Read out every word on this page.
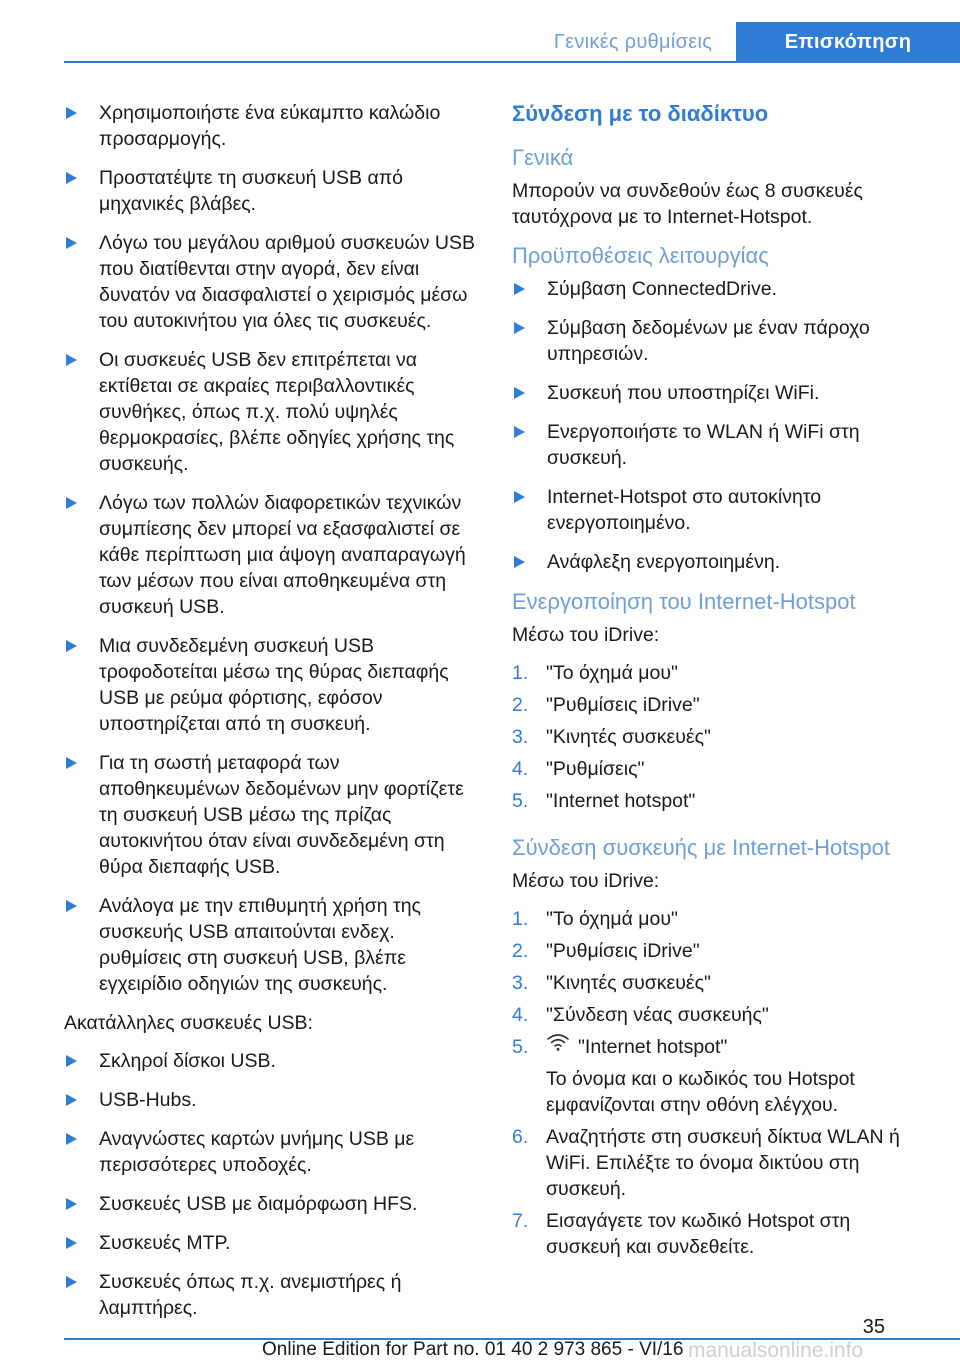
Γενικές ρυθμίσεις	Επισκόπηση
Χρησιμοποιήστε ένα εύκαμπτο καλώδιο προσαρμογής.
Προστατέψτε τη συσκευή USB από μηχανικές βλάβες.
Λόγω του μεγάλου αριθμού συσκευών USB που διατίθενται στην αγορά, δεν είναι δυνατόν να διασφαλιστεί ο χειρισμός μέσω του αυτοκινήτου για όλες τις συσκευές.
Οι συσκευές USB δεν επιτρέπεται να εκτίθεται σε ακραίες περιβαλλοντικές συνθήκες, όπως π.χ. πολύ υψηλές θερμοκρασίες, βλέπε οδηγίες χρήσης της συσκευής.
Λόγω των πολλών διαφορετικών τεχνικών συμπίεσης δεν μπορεί να εξασφαλιστεί σε κάθε περίπτωση μια άψογη αναπαραγωγή των μέσων που είναι αποθηκευμένα στη συσκευή USB.
Μια συνδεδεμένη συσκευή USB τροφοδοτείται μέσω της θύρας διεπαφής USB με ρεύμα φόρτισης, εφόσον υποστηρίζεται από τη συσκευή.
Για τη σωστή μεταφορά των αποθηκευμένων δεδομένων μην φορτίζετε τη συσκευή USB μέσω της πρίζας αυτοκινήτου όταν είναι συνδεδεμένη στη θύρα διεπαφής USB.
Ανάλογα με την επιθυμητή χρήση της συσκευής USB απαιτούνται ενδεχ. ρυθμίσεις στη συσκευή USB, βλέπε εγχειρίδιο οδηγιών της συσκευής.

Ακατάλληλες συσκευές USB:

Σκληροί δίσκοι USB.
USB-Hubs.
Αναγνώστες καρτών μνήμης USB με περισσότερες υποδοχές.
Συσκευές USB με διαμόρφωση HFS.
Συσκευές MTP.
Συσκευές όπως π.χ. ανεμιστήρες ή λαμπτήρες.
Σύνδεση με το διαδίκτυο
Γενικά

Μπορούν να συνδεθούν έως 8 συσκευές ταυτόχρονα με το Internet-Hotspot.

Προϋποθέσεις λειτουργίας
Σύμβαση ConnectedDrive.
Σύμβαση δεδομένων με έναν πάροχο υπηρεσιών.
Συσκευή που υποστηρίζει WiFi.
Ενεργοποιήστε το WLAN ή WiFi στη συσκευή.
Internet-Hotspot στο αυτοκίνητο ενεργοποιημένο.
Ανάφλεξη ενεργοποιημένη.
Ενεργοποίηση του Internet-Hotspot

Μέσω του iDrive:

1. "Το όχημά μου"
2. "Ρυθμίσεις iDrive"
3. "Κινητές συσκευές"
4. "Ρυθμίσεις"
5. "Internet hotspot"
Σύνδεση συσκευής με Internet-Hotspot

Μέσω του iDrive:

1. "Το όχημά μου"
2. "Ρυθμίσεις iDrive"
3. "Κινητές συσκευές"
4. "Σύνδεση νέας συσκευής"
5.	"Internet hotspot"

Το όνομα και ο κωδικός του Hotspot εμφανίζονται στην οθόνη ελέγχου.

6. Αναζητήστε στη συσκευή δίκτυα WLAN ή WiFi. Επιλέξτε το όνομα δικτύου στη συσκευή.
7. Εισαγάγετε τον κωδικό Hotspot στη συσκευή και συνδεθείτε.
35
Online Edition for Part no. 01 40 2 973 865 - VI/16 manualsonline.info
